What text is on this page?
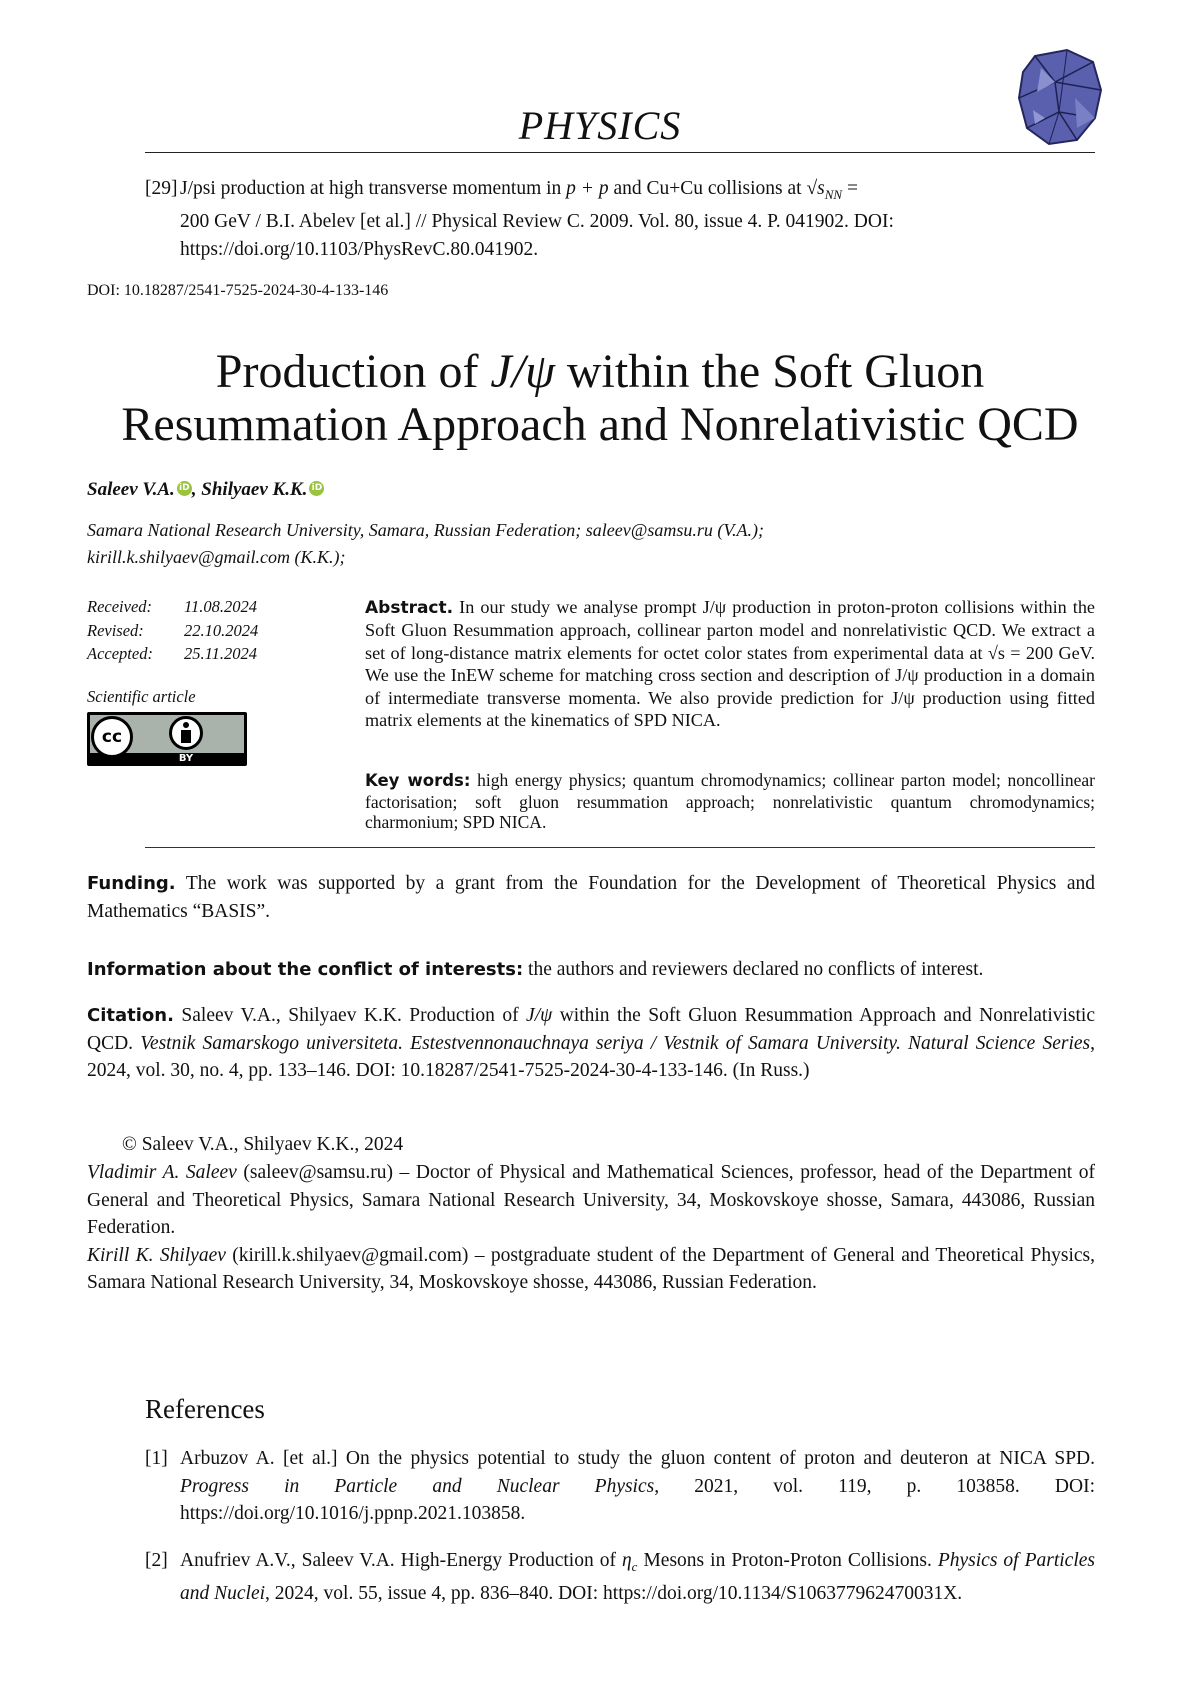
PHYSICS
[29] J/psi production at high transverse momentum in p + p and Cu+Cu collisions at $√s_{NN}$ =
200 GeV / B.I. Abelev [et al.] // Physical Review C. 2009. Vol. 80, issue 4. P. 041902. DOI:
https://doi.org/10.1103/PhysRevC.80.041902.
DOI: 10.18287/2541-7525-2024-30-4-133-146
Production of J/ψ within the Soft Gluon
Resummation Approach and Nonrelativistic QCD
Saleev V.A. iD , Shilyaev K.K. iD
Samara National Research University, Samara, Russian Federation; saleev@samsu.ru (V.A.);
kirill.k.shilyaev@gmail.com (K.K.);
Received: 11.08.2024
Revised: 22.10.2024
Accepted: 25.11.2024
Scientific article
cc
BY
Abstract. In our study we analyse prompt J/ψ production in proton-proton collisions within the Soft Gluon Resummation approach, collinear parton model and nonrelativistic QCD. We extract a set of long-distance matrix elements for octet color states from experimental data at √s = 200 GeV. We use the InEW scheme for matching cross section and description of J/ψ production in a domain of intermediate transverse momenta. We also provide prediction for J/ψ production using fitted matrix elements at the kinematics of SPD NICA.
Key words: high energy physics; quantum chromodynamics; collinear parton model; noncollinear factorisation; soft gluon resummation approach; nonrelativistic quantum chromodynamics; charmonium; SPD NICA.
Funding. The work was supported by a grant from the Foundation for the Development of Theoretical Physics and Mathematics “BASIS”.
Information about the conflict of interests: the authors and reviewers declared no conflicts of interest.
Citation. Saleev V.A., Shilyaev K.K. Production of J/ψ within the Soft Gluon Resummation Approach and Nonrelativistic QCD. Vestnik Samarskogo universiteta. Estestvennonauchnaya seriya / Vestnik of Samara University. Natural Science Series, 2024, vol. 30, no. 4, pp. 133–146. DOI: 10.18287/2541-7525-2024-30-4-133-146. (In Russ.)
© Saleev V.A., Shilyaev K.K., 2024
Vladimir A. Saleev (saleev@samsu.ru) – Doctor of Physical and Mathematical Sciences, professor, head of the Department of General and Theoretical Physics, Samara National Research University, 34, Moskovskoye shosse, Samara, 443086, Russian Federation.
Kirill K. Shilyaev (kirill.k.shilyaev@gmail.com) – postgraduate student of the Department of General and Theoretical Physics, Samara National Research University, 34, Moskovskoye shosse, 443086, Russian Federation.
References
[1] Arbuzov A. [et al.] On the physics potential to study the gluon content of proton and deuteron at NICA SPD. Progress in Particle and Nuclear Physics, 2021, vol. 119, p. 103858. DOI: https://doi.org/10.1016/j.ppnp.2021.103858.
[2] Anufriev A.V., Saleev V.A. High-Energy Production of $\eta_c$ Mesons in Proton-Proton Collisions. Physics of Particles and Nuclei, 2024, vol. 55, issue 4, pp. 836–840. DOI: https://doi.org/10.1134/S106377962470031X.
